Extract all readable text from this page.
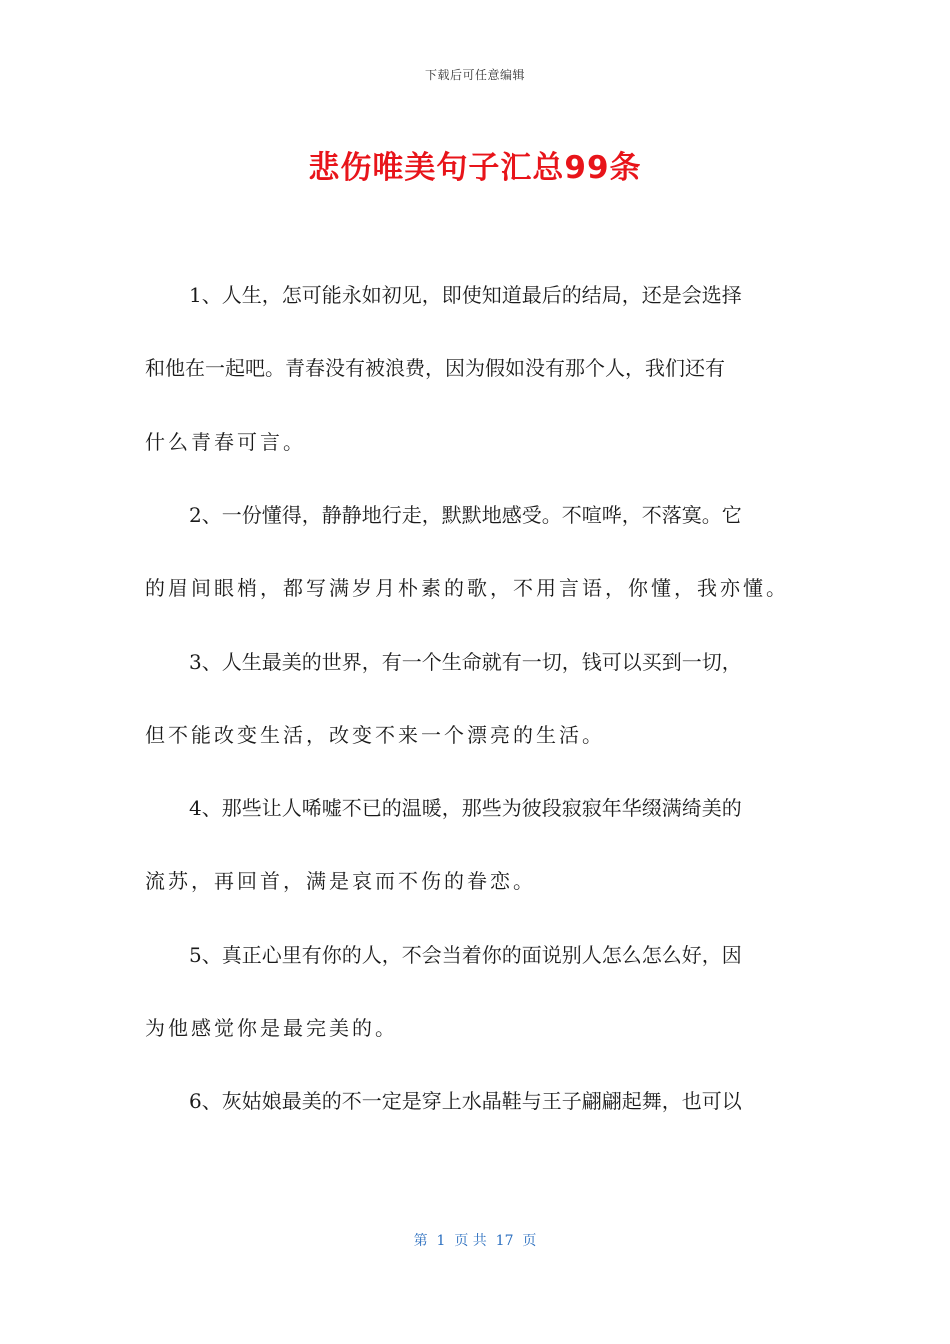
下载后可任意编辑
悲伤唯美句子汇总99条
1、人生，怎可能永如初见，即使知道最后的结局，还是会选择
和他在一起吧。青春没有被浪费，因为假如没有那个人，我们还有
什么青春可言。
2、一份懂得，静静地行走，默默地感受。不喧哗，不落寞。它
的眉间眼梢，都写满岁月朴素的歌，不用言语，你懂，我亦懂。
3、人生最美的世界，有一个生命就有一切，钱可以买到一切，
但不能改变生活，改变不来一个漂亮的生活。
4、那些让人唏嘘不已的温暖，那些为彼段寂寂年华缀满绮美的
流苏，再回首，满是哀而不伤的眷恋。
5、真正心里有你的人，不会当着你的面说别人怎么怎么好，因
为他感觉你是最完美的。
6、灰姑娘最美的不一定是穿上水晶鞋与王子翩翩起舞，也可以
第  1  页 共  17  页
